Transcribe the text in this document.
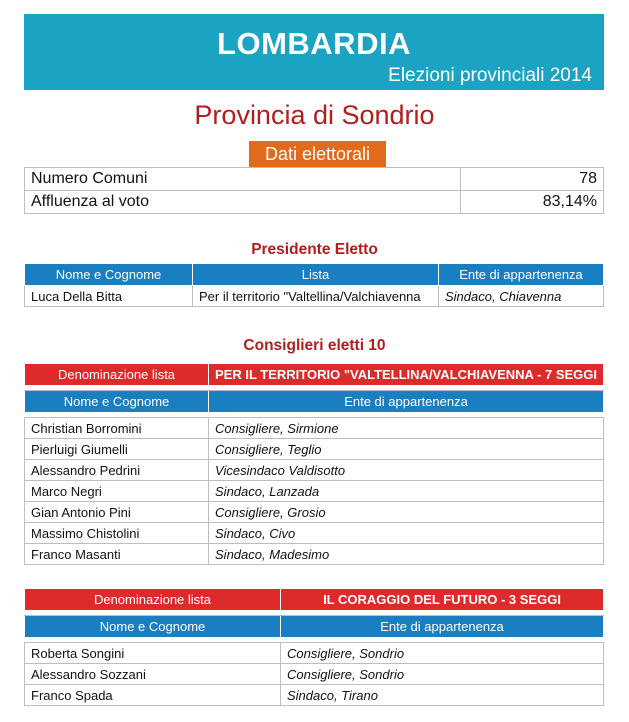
LOMBARDIA
Elezioni provinciali 2014
Provincia di Sondrio
Dati elettorali
Numero Comuni	78
Affluenza al voto	83,14%
Presidente Eletto
Nome e Cognome	Lista	Ente di appartenenza
Luca Della Bitta	Per il territorio "Valtellina/Valchiavenna	Sindaco, Chiavenna
Consiglieri eletti 10
Denominazione lista	PER IL TERRITORIO "VALTELLINA/VALCHIAVENNA - 7 SEGGI

Nome e Cognome	Ente di appartenenza

Christian Borromini	Consigliere, Sirmione
Pierluigi Giumelli	Consigliere, Teglio
Alessandro Pedrini	Vicesindaco Valdisotto
Marco Negri	Sindaco, Lanzada
Gian Antonio Pini	Consigliere, Grosio
Massimo Chistolini	Sindaco, Civo
Franco Masanti	Sindaco, Madesimo
Denominazione lista	IL CORAGGIO DEL FUTURO - 3 SEGGI

Nome e Cognome	Ente di appartenenza

Roberta Songini	Consigliere, Sondrio
Alessandro Sozzani	Consigliere, Sondrio
Franco Spada	Sindaco, Tirano
